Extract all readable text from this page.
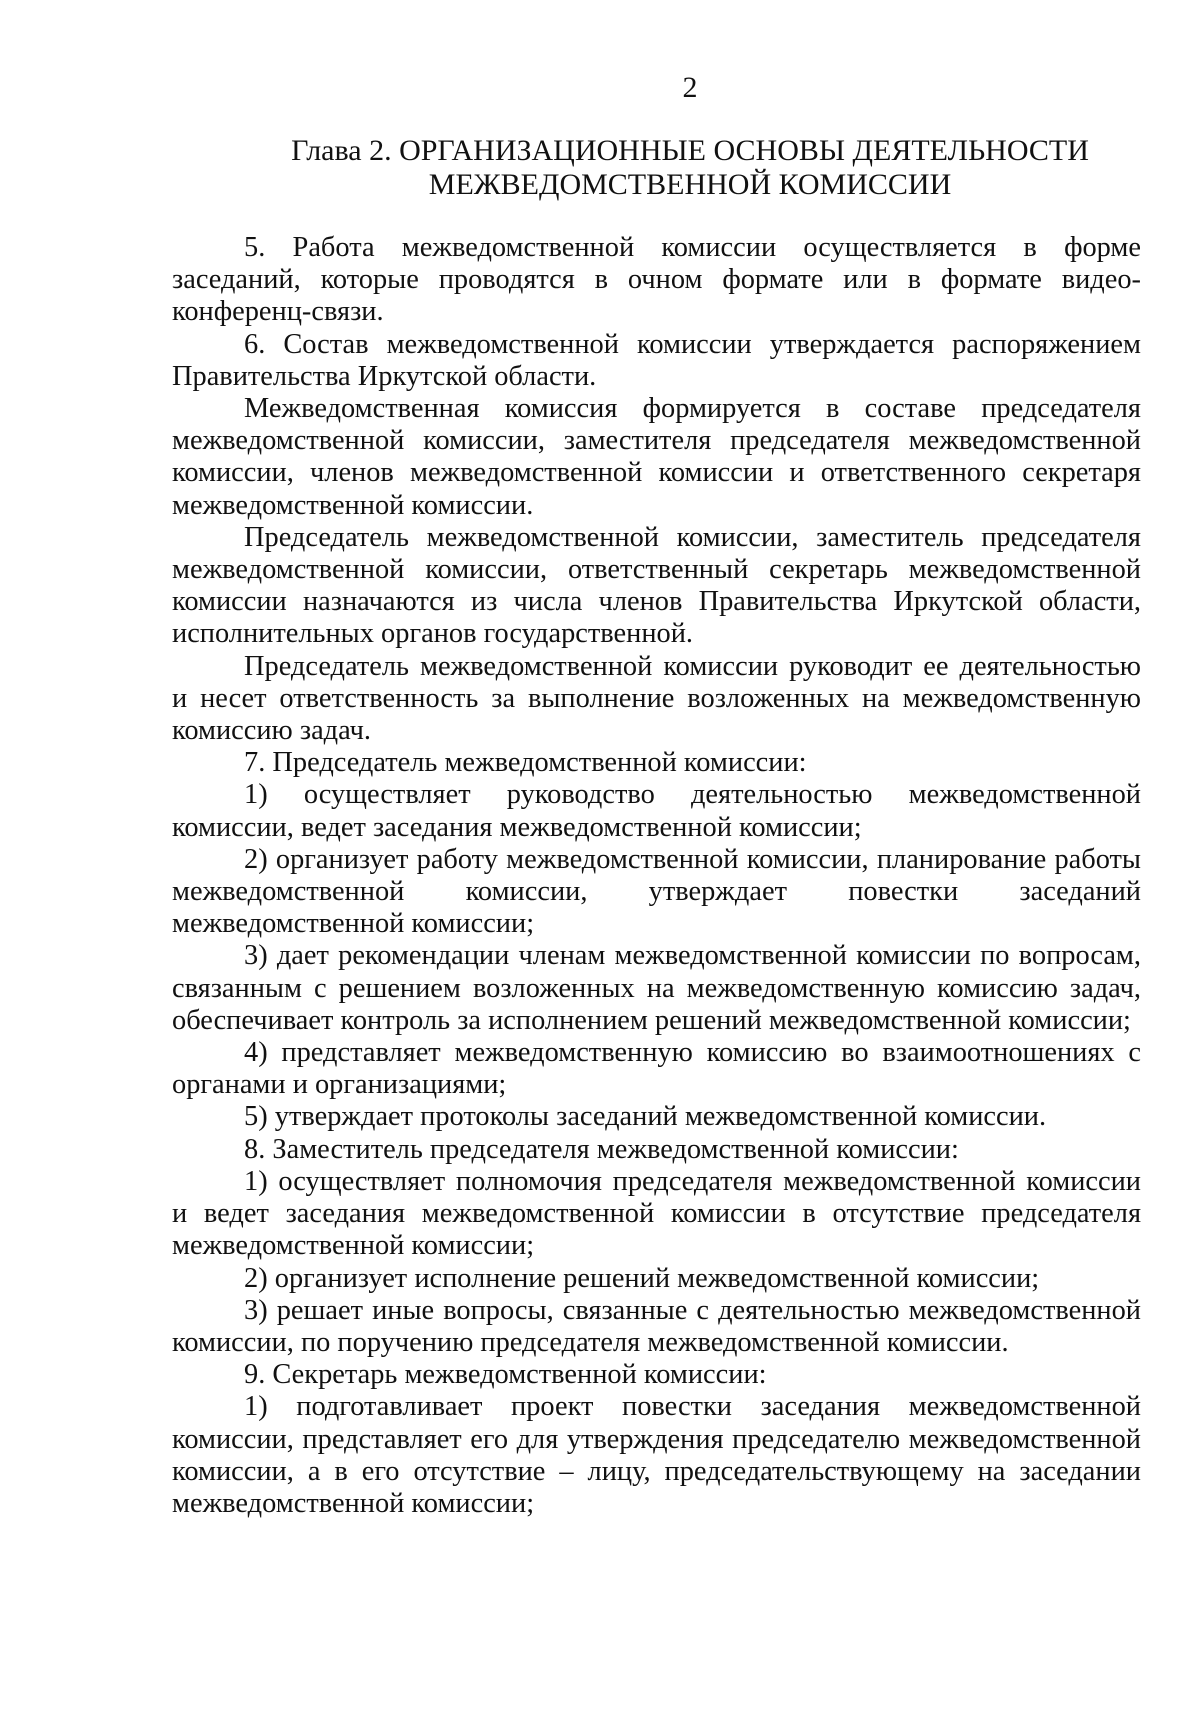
2
Глава 2. ОРГАНИЗАЦИОННЫЕ ОСНОВЫ ДЕЯТЕЛЬНОСТИ
МЕЖВЕДОМСТВЕННОЙ КОМИССИИ

5. Работа межведомственной комиссии осуществляется в форме заседаний, которые проводятся в очном формате или в формате видео-конференц-связи.

6. Состав межведомственной комиссии утверждается распоряжением Правительства Иркутской области.

Межведомственная комиссия формируется в составе председателя межведомственной комиссии, заместителя председателя межведомственной комиссии, членов межведомственной комиссии и ответственного секретаря межведомственной комиссии.

Председатель межведомственной комиссии, заместитель председателя межведомственной комиссии, ответственный секретарь межведомственной комиссии назначаются из числа членов Правительства Иркутской области, исполнительных органов государственной.

Председатель межведомственной комиссии руководит ее деятельностью и несет ответственность за выполнение возложенных на межведомственную комиссию задач.

7. Председатель межведомственной комиссии:

1) осуществляет руководство деятельностью межведомственной комиссии, ведет заседания межведомственной комиссии;

2) организует работу межведомственной комиссии, планирование работы межведомственной комиссии, утверждает повестки заседаний межведомственной комиссии;

3) дает рекомендации членам межведомственной комиссии по вопросам, связанным с решением возложенных на межведомственную комиссию задач, обеспечивает контроль за исполнением решений межведомственной комиссии;

4) представляет межведомственную комиссию во взаимоотношениях с органами и организациями;

5) утверждает протоколы заседаний межведомственной комиссии.

8. Заместитель председателя межведомственной комиссии:

1) осуществляет полномочия председателя межведомственной комиссии и ведет заседания межведомственной комиссии в отсутствие председателя межведомственной комиссии;

2) организует исполнение решений межведомственной комиссии;

3) решает иные вопросы, связанные с деятельностью межведомственной комиссии, по поручению председателя межведомственной комиссии.

9. Секретарь межведомственной комиссии:

1) подготавливает проект повестки заседания межведомственной комиссии, представляет его для утверждения председателю межведомственной комиссии, а в его отсутствие – лицу, председательствующему на заседании межведомственной комиссии;
